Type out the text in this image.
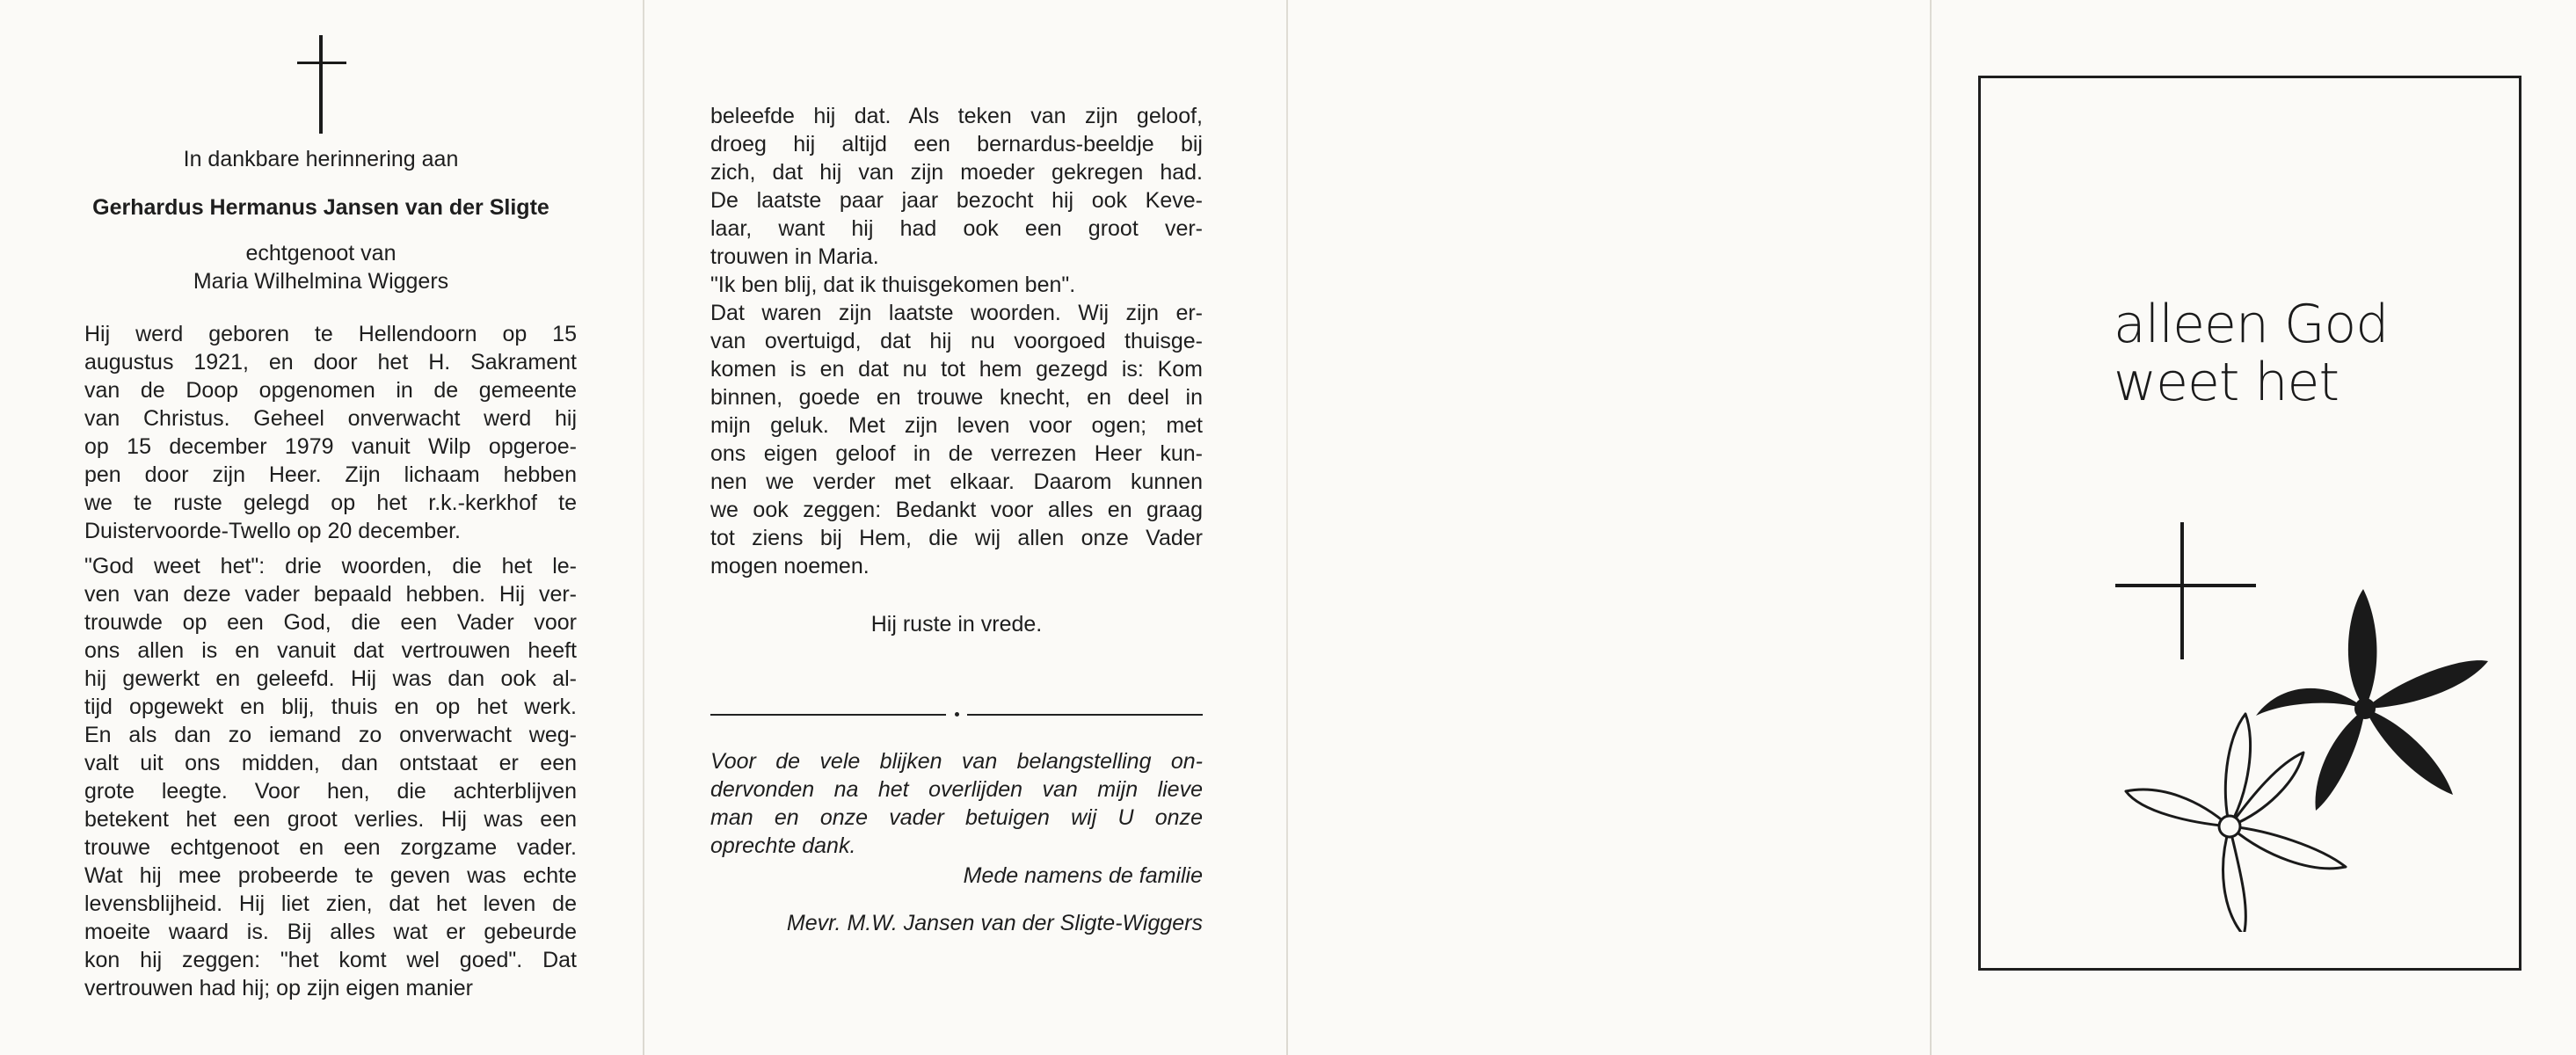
In dankbare herinnering aan
Gerhardus Hermanus Jansen van der Sligte
echtgenoot van
Maria Wilhelmina Wiggers
Hij werd geboren te Hellendoorn op 15
augustus 1921, en door het H. Sakrament
van de Doop opgenomen in de gemeente
van Christus. Geheel onverwacht werd hij
op 15 december 1979 vanuit Wilp opgeroe-
pen door zijn Heer. Zijn lichaam hebben
we te ruste gelegd op het r.k.-kerkhof te
Duistervoorde-Twello op 20 december.
"God weet het": drie woorden, die het le-
ven van deze vader bepaald hebben. Hij ver-
trouwde op een God, die een Vader voor
ons allen is en vanuit dat vertrouwen heeft
hij gewerkt en geleefd. Hij was dan ook al-
tijd opgewekt en blij, thuis en op het werk.
En als dan zo iemand zo onverwacht weg-
valt uit ons midden, dan ontstaat er een
grote leegte. Voor hen, die achterblijven
betekent het een groot verlies. Hij was een
trouwe echtgenoot en een zorgzame vader.
Wat hij mee probeerde te geven was echte
levensblijheid. Hij liet zien, dat het leven de
moeite waard is. Bij alles wat er gebeurde
kon hij zeggen: "het komt wel goed". Dat
vertrouwen had hij; op zijn eigen manier
beleefde hij dat. Als teken van zijn geloof,
droeg hij altijd een bernardus-beeldje bij
zich, dat hij van zijn moeder gekregen had.
De laatste paar jaar bezocht hij ook Keve-
laar, want hij had ook een groot ver-
trouwen in Maria.
"Ik ben blij, dat ik thuisgekomen ben".
Dat waren zijn laatste woorden. Wij zijn er-
van overtuigd, dat hij nu voorgoed thuisge-
komen is en dat nu tot hem gezegd is: Kom
binnen, goede en trouwe knecht, en deel in
mijn geluk. Met zijn leven voor ogen; met
ons eigen geloof in de verrezen Heer kun-
nen we verder met elkaar. Daarom kunnen
we ook zeggen: Bedankt voor alles en graag
tot ziens bij Hem, die wij allen onze Vader
mogen noemen.
Hij ruste in vrede.
Voor de vele blijken van belangstelling on-
dervonden na het overlijden van mijn lieve
man en onze vader betuigen wij U onze
oprechte dank.
Mede namens de familie
Mevr. M.W. Jansen van der Sligte-Wiggers
alleen God
weet het
